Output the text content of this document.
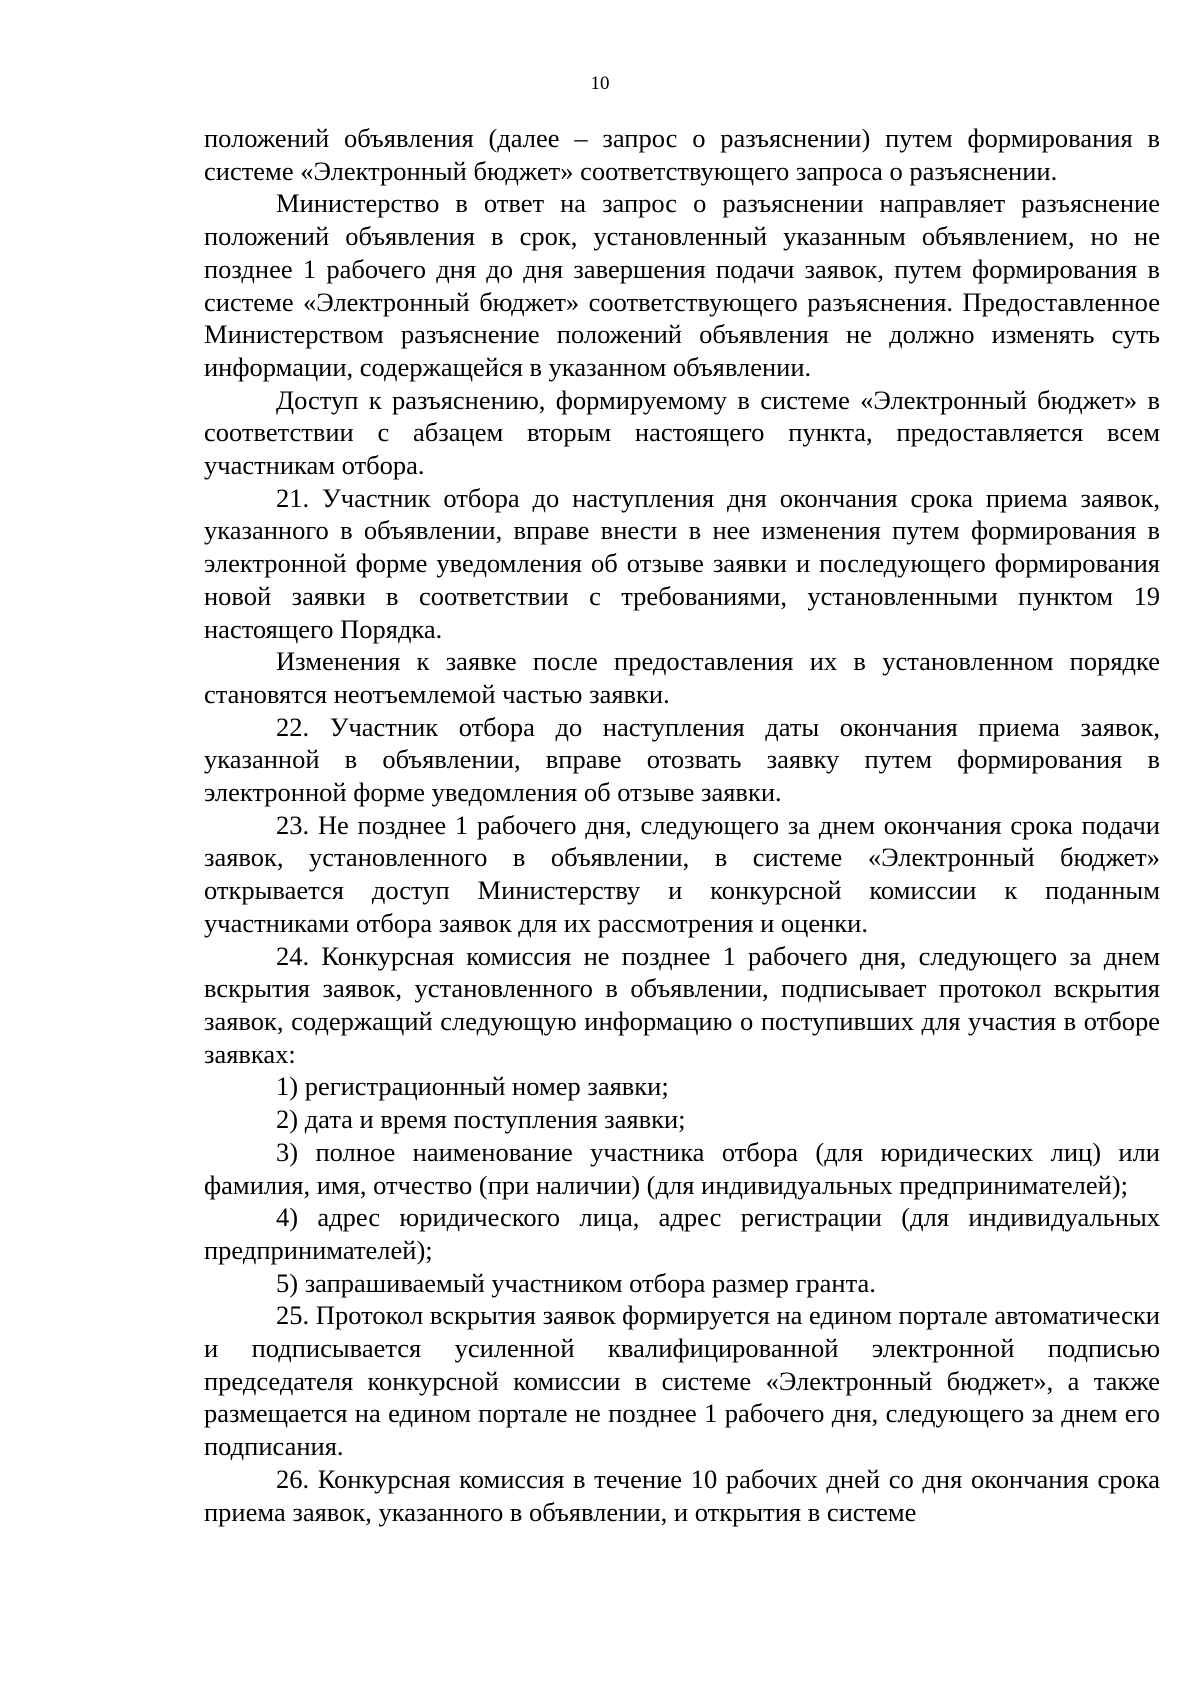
10

положений объявления (далее – запрос о разъяснении) путем формирования в системе «Электронный бюджет» соответствующего запроса о разъяснении.

Министерство в ответ на запрос о разъяснении направляет разъяснение положений объявления в срок, установленный указанным объявлением, но не позднее 1 рабочего дня до дня завершения подачи заявок, путем формирования в системе «Электронный бюджет» соответствующего разъяснения. Предоставленное Министерством разъяснение положений объявления не должно изменять суть информации, содержащейся в указанном объявлении.

Доступ к разъяснению, формируемому в системе «Электронный бюджет» в соответствии с абзацем вторым настоящего пункта, предоставляется всем участникам отбора.

21. Участник отбора до наступления дня окончания срока приема заявок, указанного в объявлении, вправе внести в нее изменения путем формирования в электронной форме уведомления об отзыве заявки и последующего формирования новой заявки в соответствии с требованиями, установленными пунктом 19 настоящего Порядка.

Изменения к заявке после предоставления их в установленном порядке становятся неотъемлемой частью заявки.

22. Участник отбора до наступления даты окончания приема заявок, указанной в объявлении, вправе отозвать заявку путем формирования в электронной форме уведомления об отзыве заявки.

23. Не позднее 1 рабочего дня, следующего за днем окончания срока подачи заявок, установленного в объявлении, в системе «Электронный бюджет» открывается доступ Министерству и конкурсной комиссии к поданным участниками отбора заявок для их рассмотрения и оценки.

24. Конкурсная комиссия не позднее 1 рабочего дня, следующего за днем вскрытия заявок, установленного в объявлении, подписывает протокол вскрытия заявок, содержащий следующую информацию о поступивших для участия в отборе заявках:

1) регистрационный номер заявки;

2) дата и время поступления заявки;

3) полное наименование участника отбора (для юридических лиц) или фамилия, имя, отчество (при наличии) (для индивидуальных предпринимателей);

4) адрес юридического лица, адрес регистрации (для индивидуальных предпринимателей);

5) запрашиваемый участником отбора размер гранта.

25. Протокол вскрытия заявок формируется на едином портале автоматически и подписывается усиленной квалифицированной электронной подписью председателя конкурсной комиссии в системе «Электронный бюджет», а также размещается на едином портале не позднее 1 рабочего дня, следующего за днем его подписания.

26. Конкурсная комиссия в течение 10 рабочих дней со дня окончания срока приема заявок, указанного в объявлении, и открытия в системе
